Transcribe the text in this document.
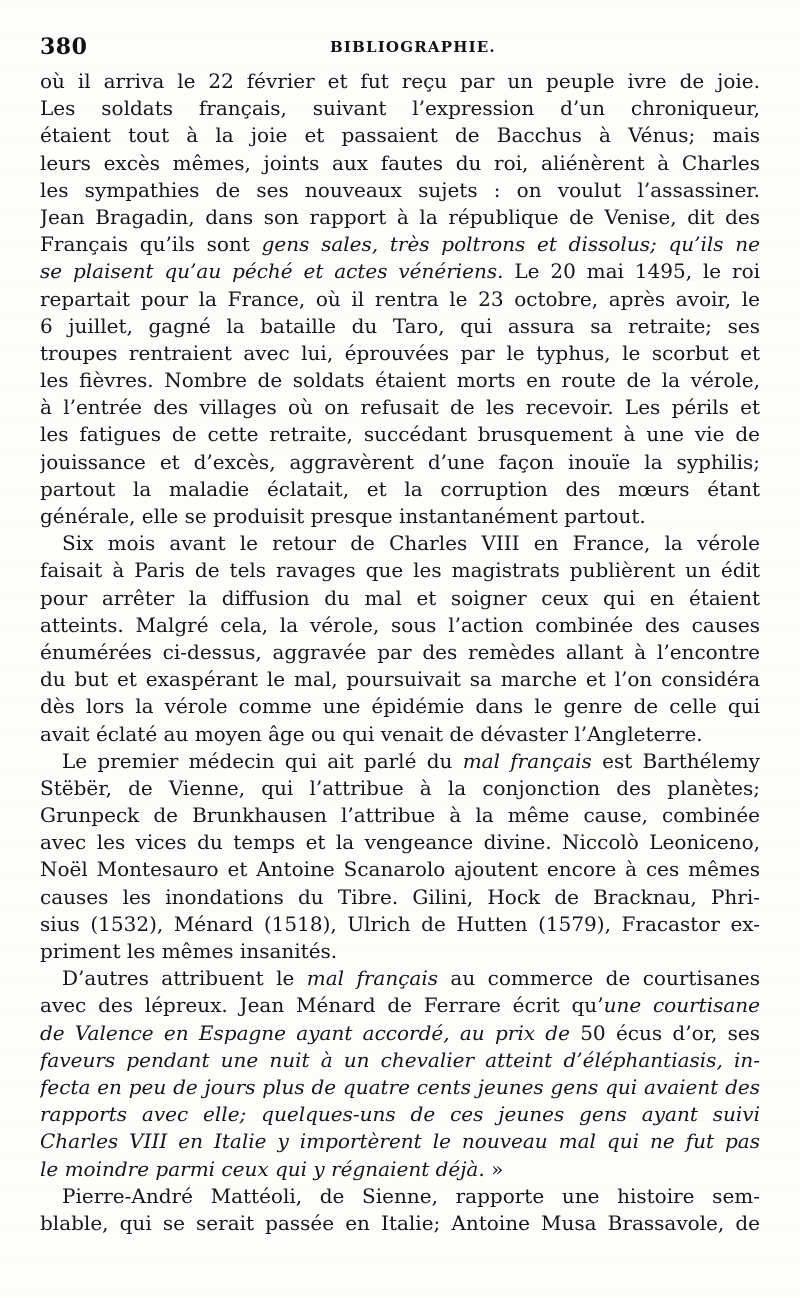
380	BIBLIOGRAPHIE.
où il arriva le 22 février et fut reçu par un peuple ivre de joie.
Les soldats français, suivant l’expression d’un chroniqueur,
étaient tout à la joie et passaient de Bacchus à Vénus; mais
leurs excès mêmes, joints aux fautes du roi, aliénèrent à Charles
les sympathies de ses nouveaux sujets : on voulut l’assassiner.
Jean Bragadin, dans son rapport à la république de Venise, dit des
Français qu’ils sont gens sales, très poltrons et dissolus; qu’ils ne
se plaisent qu’au péché et actes vénériens. Le 20 mai 1495, le roi
repartait pour la France, où il rentra le 23 octobre, après avoir, le
6 juillet, gagné la bataille du Taro, qui assura sa retraite; ses
troupes rentraient avec lui, éprouvées par le typhus, le scorbut et
les fièvres. Nombre de soldats étaient morts en route de la vérole,
à l’entrée des villages où on refusait de les recevoir. Les périls et
les fatigues de cette retraite, succédant brusquement à une vie de
jouissance et d’excès, aggravèrent d’une façon inouïe la syphilis;
partout la maladie éclatait, et la corruption des mœurs étant
générale, elle se produisit presque instantanément partout.
Six mois avant le retour de Charles VIII en France, la vérole
faisait à Paris de tels ravages que les magistrats publièrent un édit
pour arrêter la diffusion du mal et soigner ceux qui en étaient
atteints. Malgré cela, la vérole, sous l’action combinée des causes
énumérées ci-dessus, aggravée par des remèdes allant à l’encontre
du but et exaspérant le mal, poursuivait sa marche et l’on considéra
dès lors la vérole comme une épidémie dans le genre de celle qui
avait éclaté au moyen âge ou qui venait de dévaster l’Angleterre.
Le premier médecin qui ait parlé du mal français est Barthélemy
Stëbër, de Vienne, qui l’attribue à la conjonction des planètes;
Grunpeck de Brunkhausen l’attribue à la même cause, combinée
avec les vices du temps et la vengeance divine. Niccolò Leoniceno,
Noël Montesauro et Antoine Scanarolo ajoutent encore à ces mêmes
causes les inondations du Tibre. Gilini, Hock de Bracknau, Phri-
sius (1532), Ménard (1518), Ulrich de Hutten (1579), Fracastor ex-
priment les mêmes insanités.
D’autres attribuent le mal français au commerce de courtisanes
avec des lépreux. Jean Ménard de Ferrare écrit qu’une courtisane
de Valence en Espagne ayant accordé, au prix de 50 écus d’or, ses
faveurs pendant une nuit à un chevalier atteint d’éléphantiasis, in-
fecta en peu de jours plus de quatre cents jeunes gens qui avaient des
rapports avec elle; quelques-uns de ces jeunes gens ayant suivi
Charles VIII en Italie y importèrent le nouveau mal qui ne fut pas
le moindre parmi ceux qui y régnaient déjà. »
Pierre-André Mattéoli, de Sienne, rapporte une histoire sem-
blable, qui se serait passée en Italie; Antoine Musa Brassavole, de
